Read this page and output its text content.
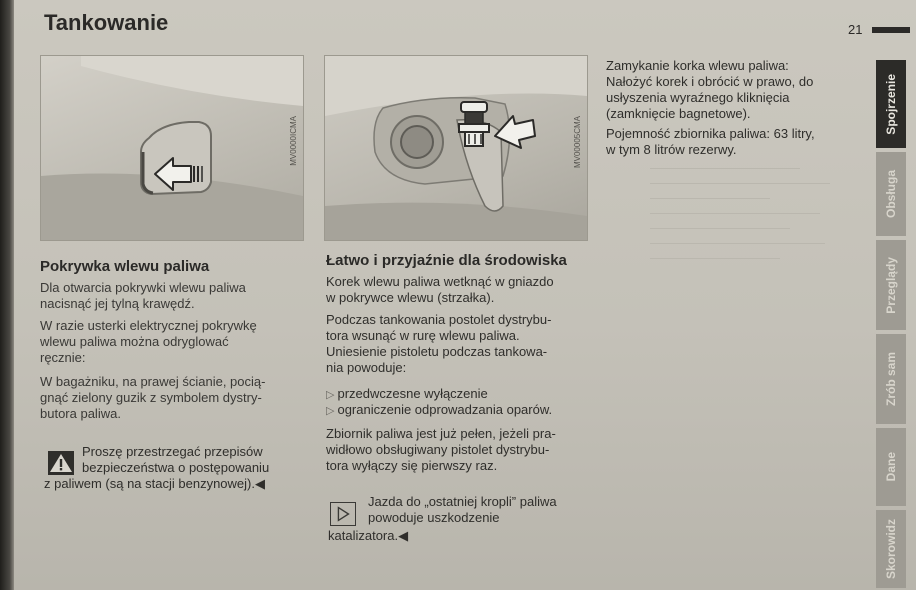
Tankowanie	21
MV0000ICMA	MV00005CMA
Pokrywka wlewu paliwa

Dla otwarcia pokrywki wlewu paliwa
nacisnąć jej tylną krawędź.

W razie usterki elektrycznej pokrywkę
wlewu paliwa można odryglować
ręcznie:

W bagażniku, na prawej ścianie, pocią-
gnąć zielony guzik z symbolem dystry-
butora paliwa.

Proszę przestrzegać przepisów
bezpieczeństwa o postępowaniu
z paliwem (są na stacji benzynowej).◀
Łatwo i przyjaźnie dla środowiska

Korek wlewu paliwa wetknąć w gniazdo
w pokrywce wlewu (strzałka).

Podczas tankowania postolet dystrybu-
tora wsunąć w rurę wlewu paliwa.
Uniesienie pistoletu podczas tankowa-
nia powoduje:

▷ przedwczesne wyłączenie
▷ ograniczenie odprowadzania oparów.

Zbiornik paliwa jest już pełen, jeżeli pra-
widłowo obsługiwany pistolet dystrybu-
tora wyłączy się pierwszy raz.

Jazda do „ostatniej kropli” paliwa
powoduje uszkodzenie
katalizatora.◀

Zamykanie korka wlewu paliwa:
Nałożyć korek i obrócić w prawo, do
usłyszenia wyraźnego kliknięcia
(zamknięcie bagnetowe).

Pojemność zbiornika paliwa: 63 litry,
w tym 8 litrów rezerwy.

Spojrzenie
Obsługa
Przeglądy
Zrób sam
Dane
Skorowidz
